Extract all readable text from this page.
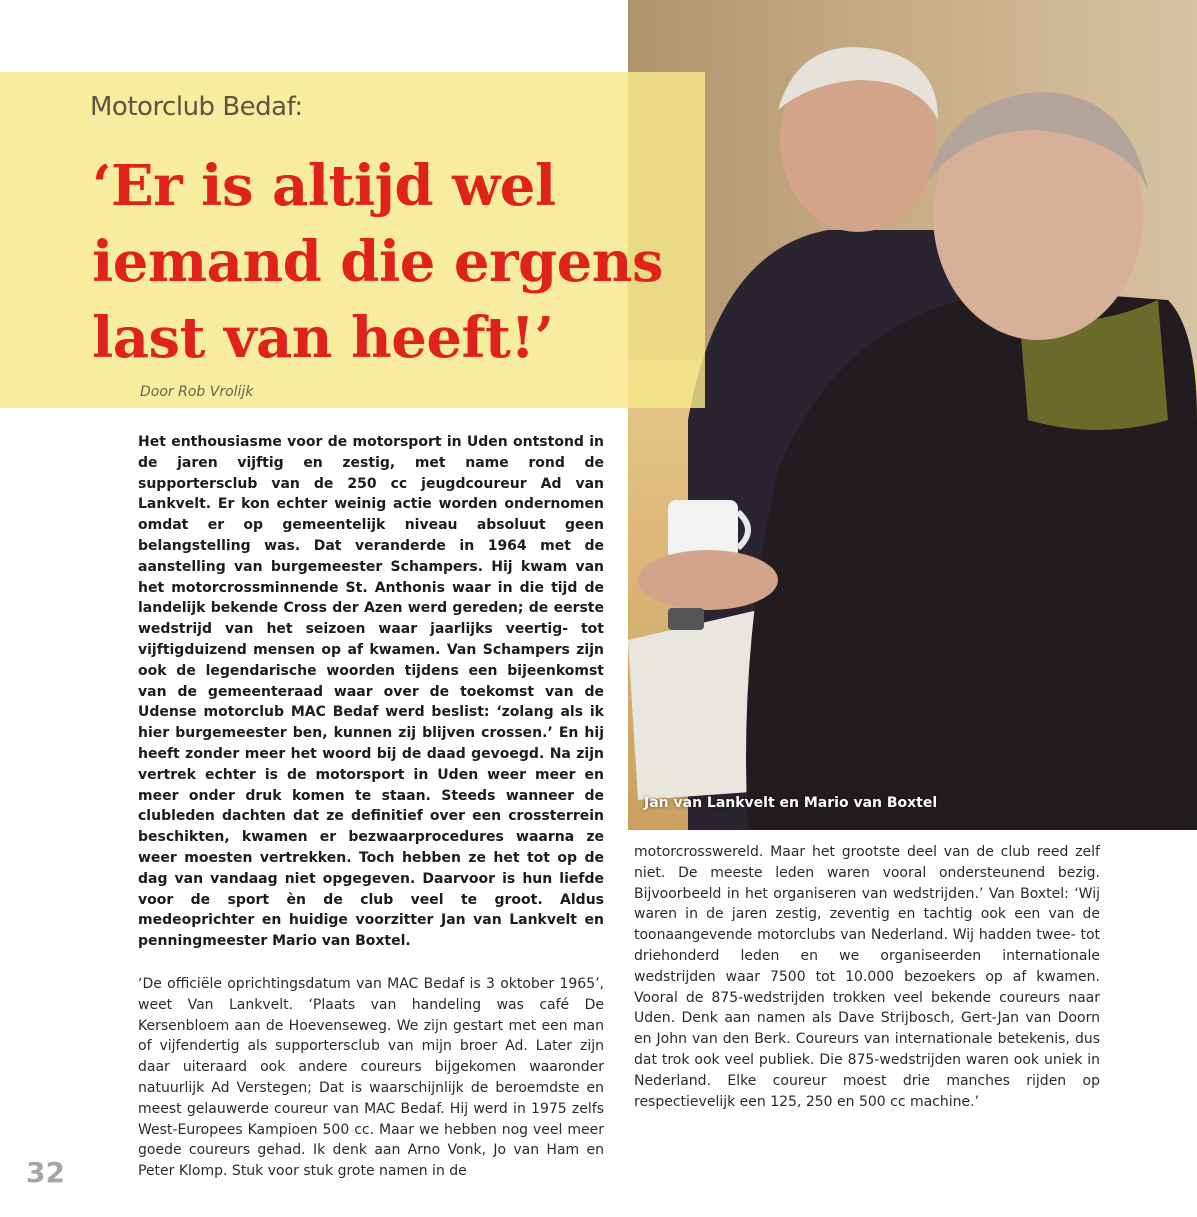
Motorclub Bedaf:
‘Er is altijd wel iemand die ergens last van heeft!’
Door Rob Vrolijk
Jan van Lankvelt en Mario van Boxtel

Het enthousiasme voor de motorsport in Uden ontstond in de jaren vijftig en zestig, met name rond de supportersclub van de 250 cc jeugdcoureur Ad van Lankvelt. Er kon echter weinig actie worden ondernomen omdat er op gemeentelijk niveau absoluut geen belangstelling was. Dat veranderde in 1964 met de aanstelling van burgemeester Schampers. Hij kwam van het motorcrossminnende St. Anthonis waar in die tijd de landelijk bekende Cross der Azen werd gereden; de eerste wedstrijd van het seizoen waar jaarlijks veertig- tot vijftigduizend mensen op af kwamen. Van Schampers zijn ook de legendarische woorden tijdens een bijeenkomst van de gemeenteraad waar over de toekomst van de Udense motorclub MAC Bedaf werd beslist: ‘zolang als ik hier burgemeester ben, kunnen zij blijven crossen.’ En hij heeft zonder meer het woord bij de daad gevoegd. Na zijn vertrek echter is de motorsport in Uden weer meer en meer onder druk komen te staan. Steeds wanneer de clubleden dachten dat ze definitief over een crossterrein beschikten, kwamen er bezwaarprocedures waarna ze weer moesten vertrekken. Toch hebben ze het tot op de dag van vandaag niet opgegeven. Daarvoor is hun liefde voor de sport èn de club veel te groot. Aldus medeoprichter en huidige voorzitter Jan van Lankvelt en penningmeester Mario van Boxtel.

‘De officiële oprichtingsdatum van MAC Bedaf is 3 oktober 1965’, weet Van Lankvelt. ‘Plaats van handeling was café De Kersenbloem aan de Hoevenseweg. We zijn gestart met een man of vijfendertig als supportersclub van mijn broer Ad. Later zijn daar uiteraard ook andere coureurs bijgekomen waaronder natuurlijk Ad Verstegen; Dat is waarschijnlijk de beroemdste en meest gelauwerde coureur van MAC Bedaf. Hij werd in 1975 zelfs West-Europees Kampioen 500 cc. Maar we hebben nog veel meer goede coureurs gehad. Ik denk aan Arno Vonk, Jo van Ham en Peter Klomp. Stuk voor stuk grote namen in de

motorcrosswereld. Maar het grootste deel van de club reed zelf niet. De meeste leden waren vooral ondersteunend bezig. Bijvoorbeeld in het organiseren van wedstrijden.’ Van Boxtel: ‘Wij waren in de jaren zestig, zeventig en tachtig ook een van de toonaangevende motorclubs van Nederland. Wij hadden twee- tot driehonderd leden en we organiseerden internationale wedstrijden waar 7500 tot 10.000 bezoekers op af kwamen. Vooral de 875-wedstrijden trokken veel bekende coureurs naar Uden. Denk aan namen als Dave Strijbosch, Gert-Jan van Doorn en John van den Berk. Coureurs van internationale betekenis, dus dat trok ook veel publiek. Die 875-wedstrijden waren ook uniek in Nederland. Elke coureur moest drie manches rijden op respectievelijk een 125, 250 en 500 cc machine.’

32
